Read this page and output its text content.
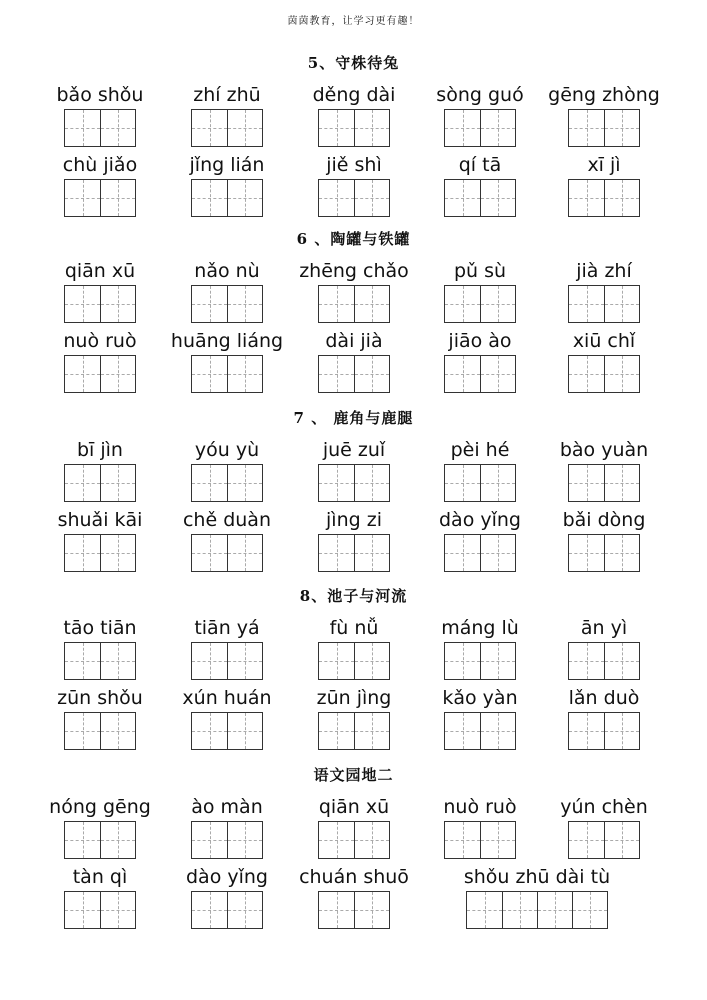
茵茵教育，让学习更有趣！
5、守株待兔
bǎo shǒu	zhí zhū	děng dài	sòng guó	gēng zhòng
chù jiǎo	jǐng lián	jiě shì	qí tā	xī jì
6 、陶罐与铁罐
qiān xū	nǎo nù	zhēng chǎo	pǔ sù	jià zhí
nuò ruò	huāng liáng	dài jià	jiāo ào	xiū chǐ
7 、 鹿角与鹿腿
bī jìn	yóu yù	juē zuǐ	pèi hé	bào yuàn
shuǎi kāi	chě duàn	jìng zi	dào yǐng	bǎi dòng
8、池子与河流
tāo tiān	tiān yá	fù nǚ	máng lù	ān yì
zūn shǒu	xún huán	zūn jìng	kǎo yàn	lǎn duò
语文园地二
nóng gēng	ào màn	qiān xū	nuò ruò	yún chèn
tàn qì	dào yǐng	chuán shuō	shǒu zhū dài tù
